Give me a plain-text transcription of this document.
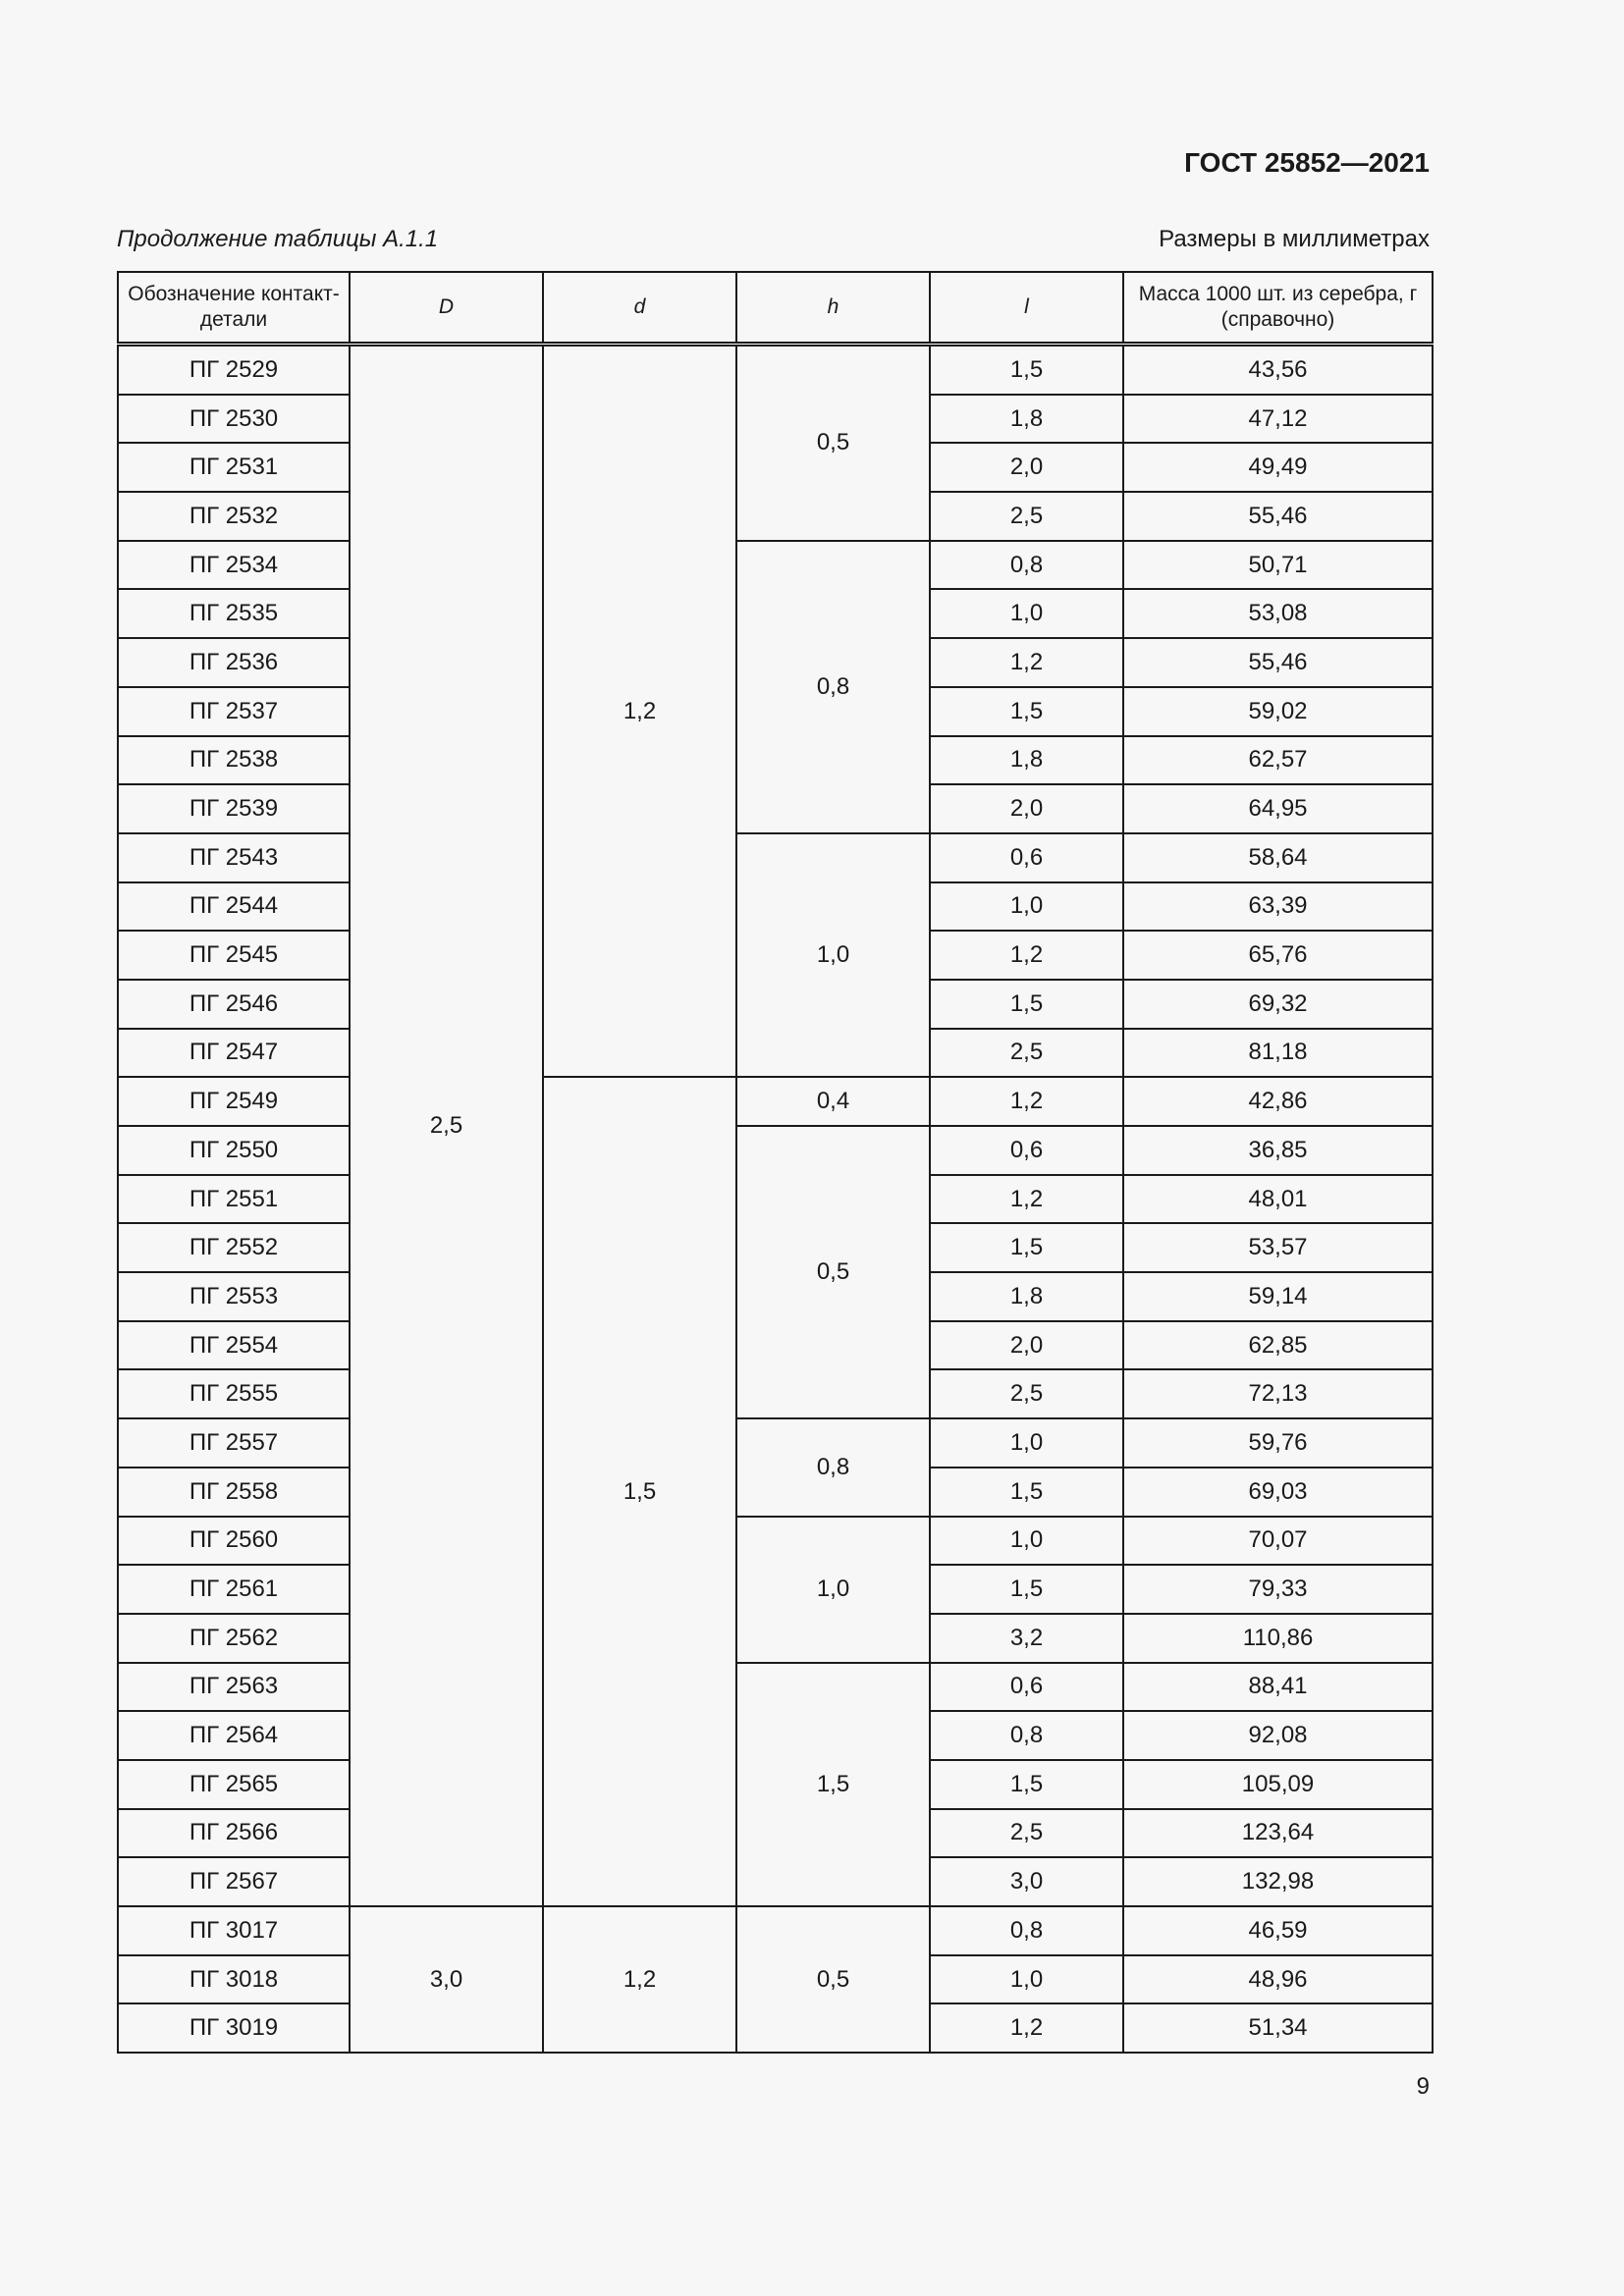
ГОСТ 25852—2021
Продолжение таблицы А.1.1	Размеры в миллиметрах
Обозначение контакт-детали	D	d	h	l	Масса 1000 шт. из серебра, г (справочно)
ПГ 2529	2,5	1,2	0,5	1,5	43,56
ПГ 2530				1,8	47,12
ПГ 2531				2,0	49,49
ПГ 2532				2,5	55,46
ПГ 2534			0,8	0,8	50,71
ПГ 2535				1,0	53,08
ПГ 2536				1,2	55,46
ПГ 2537				1,5	59,02
ПГ 2538				1,8	62,57
ПГ 2539				2,0	64,95
ПГ 2543			1,0	0,6	58,64
ПГ 2544				1,0	63,39
ПГ 2545				1,2	65,76
ПГ 2546				1,5	69,32
ПГ 2547				2,5	81,18
ПГ 2549		1,5	0,4	1,2	42,86
ПГ 2550			0,5	0,6	36,85
ПГ 2551				1,2	48,01
ПГ 2552				1,5	53,57
ПГ 2553				1,8	59,14
ПГ 2554				2,0	62,85
ПГ 2555				2,5	72,13
ПГ 2557			0,8	1,0	59,76
ПГ 2558				1,5	69,03
ПГ 2560			1,0	1,0	70,07
ПГ 2561				1,5	79,33
ПГ 2562				3,2	110,86
ПГ 2563			1,5	0,6	88,41
ПГ 2564				0,8	92,08
ПГ 2565				1,5	105,09
ПГ 2566				2,5	123,64
ПГ 2567				3,0	132,98
ПГ 3017	3,0	1,2	0,5	0,8	46,59
ПГ 3018				1,0	48,96
ПГ 3019				1,2	51,34
9
